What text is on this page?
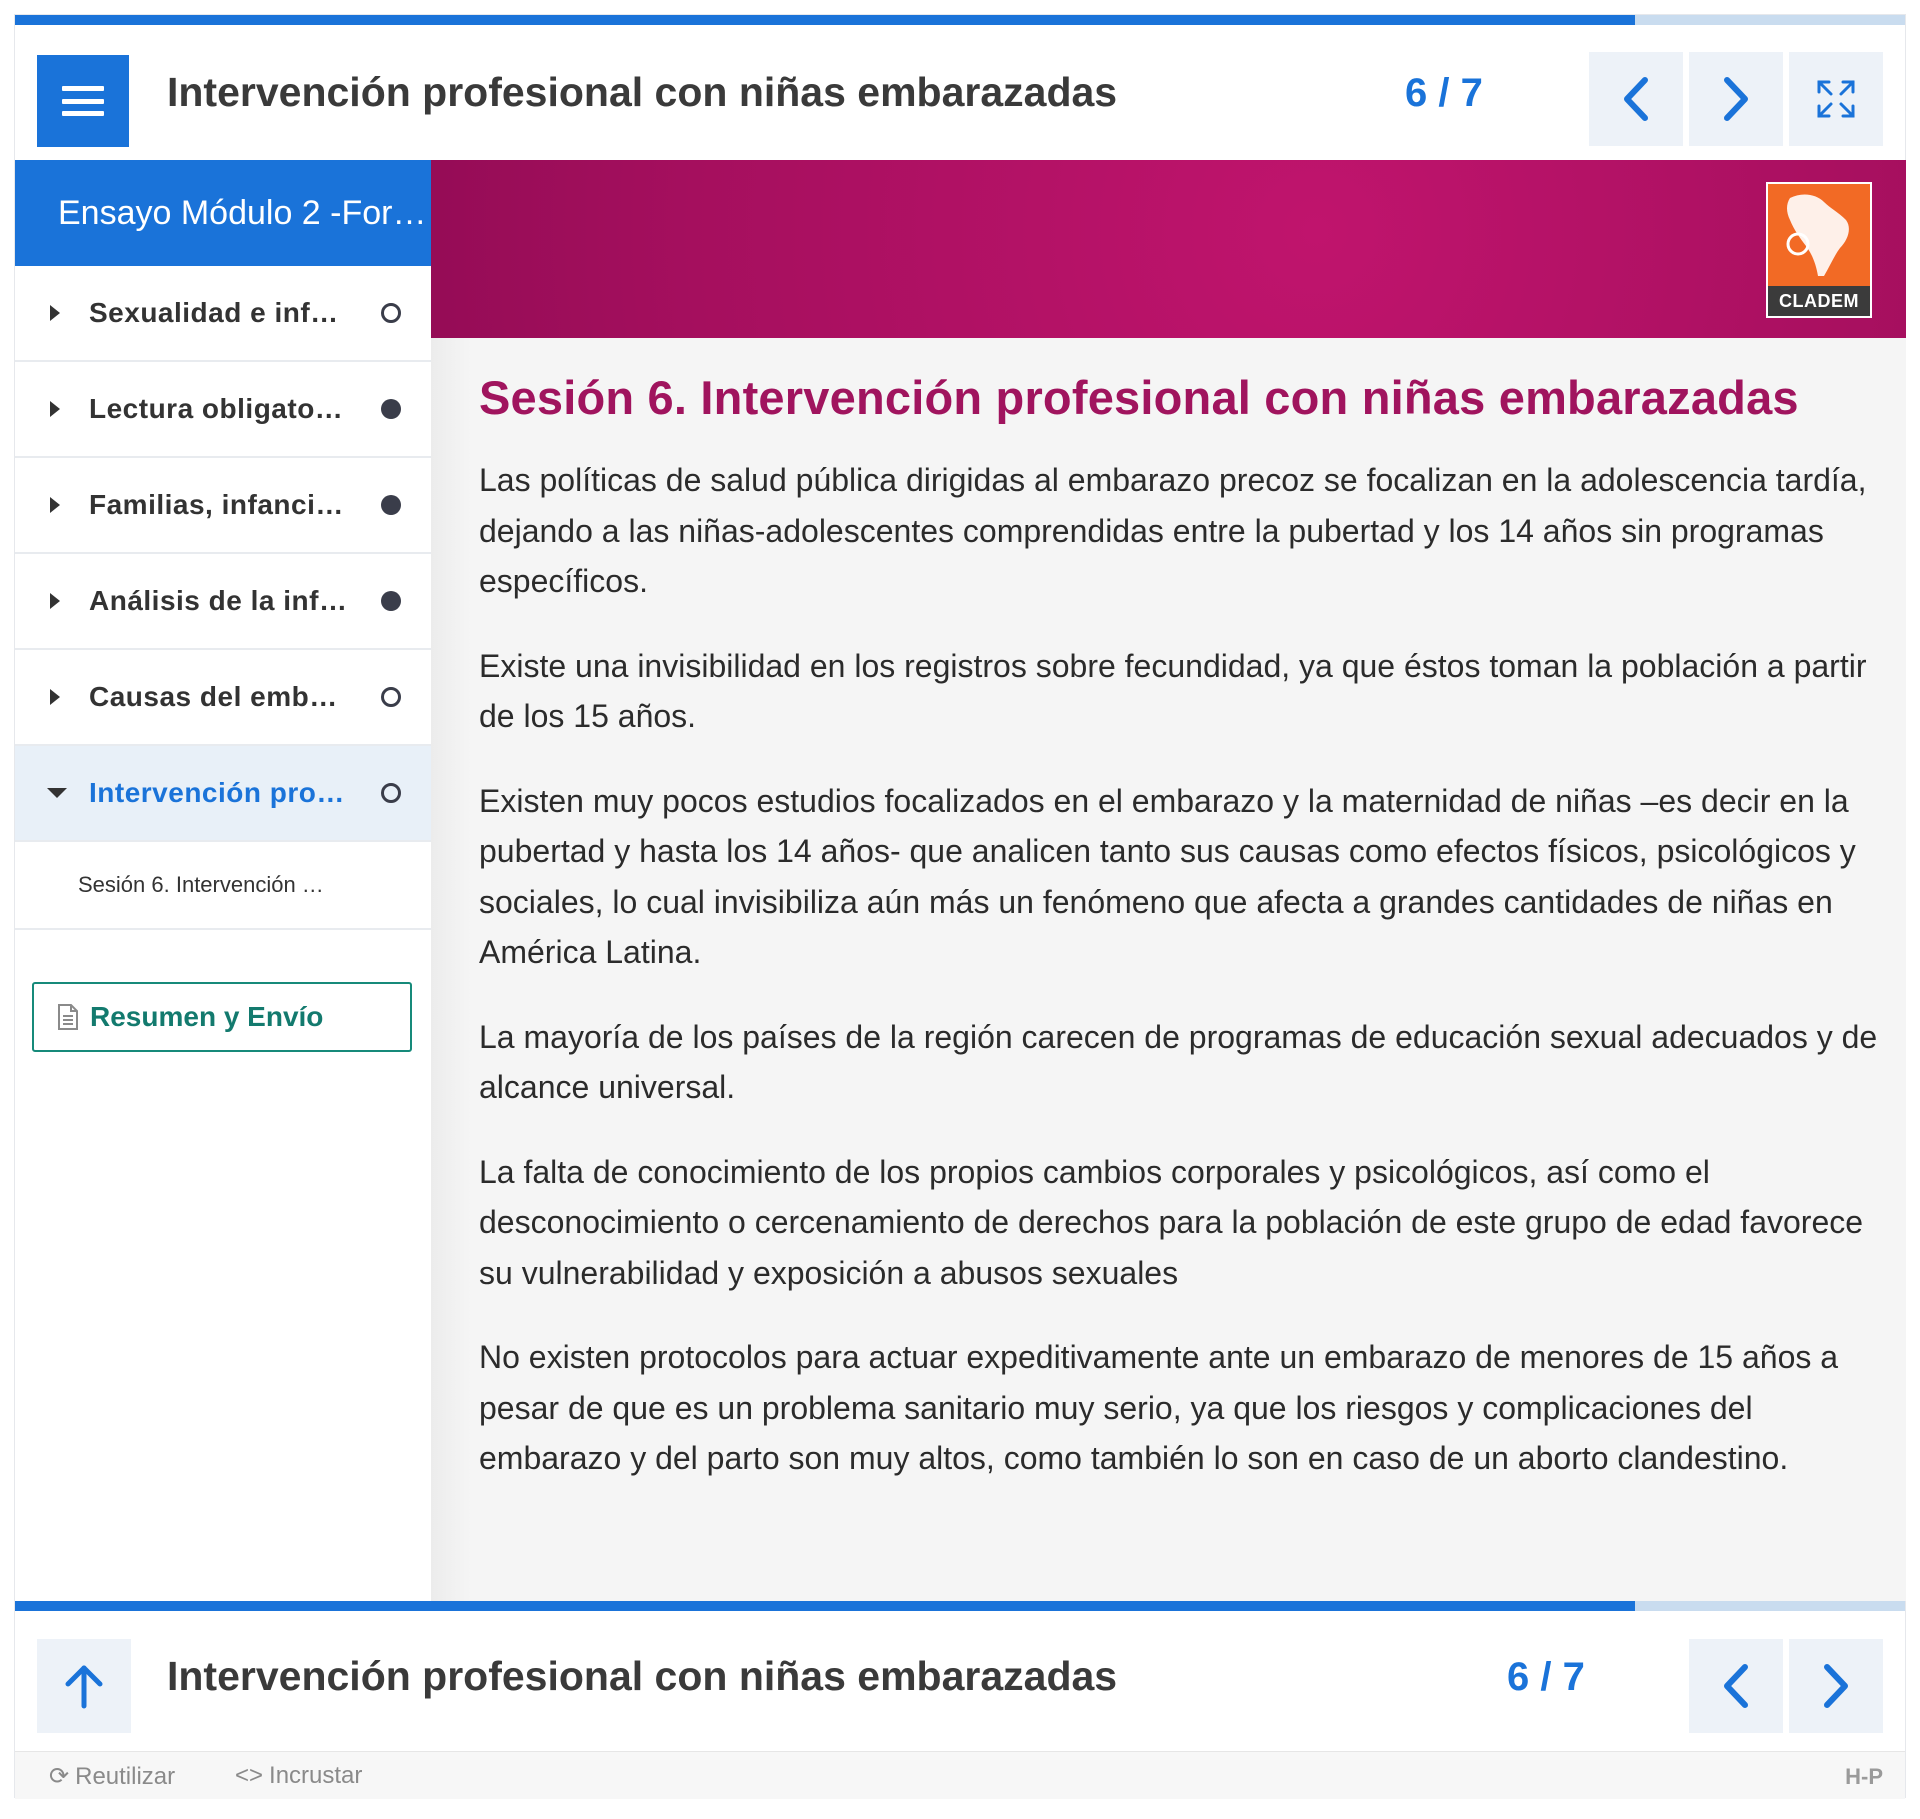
Intervención profesional con niñas embarazadas	6 / 7
Ensayo Módulo 2 -For…
Sexualidad e inf…
Lectura obligato…
Familias, infanci…
Análisis de la inf…
Causas del emb…
Intervención pro…
Sesión 6. Intervención …
Resumen y Envío
CLADEM
Sesión 6. Intervención profesional con niñas embarazadas

Las políticas de salud pública dirigidas al embarazo precoz se focalizan en la adolescencia tardía, dejando a las niñas-adolescentes comprendidas entre la pubertad y los 14 años sin programas específicos.

Existe una invisibilidad en los registros sobre fecundidad, ya que éstos toman la población a partir de los 15 años.

Existen muy pocos estudios focalizados en el embarazo y la maternidad de niñas –es decir en la pubertad y hasta los 14 años- que analicen tanto sus causas como efectos físicos, psicológicos y sociales, lo cual invisibiliza aún más un fenómeno que afecta a grandes cantidades de niñas en América Latina.

La mayoría de los países de la región carecen de programas de educación sexual adecuados y de alcance universal.

La falta de conocimiento de los propios cambios corporales y psicológicos, así como el desconocimiento o cercenamiento de derechos para la población de este grupo de edad favorece su vulnerabilidad y exposición a abusos sexuales

No existen protocolos para actuar expeditivamente ante un embarazo de menores de 15 años a pesar de que es un problema sanitario muy serio, ya que los riesgos y complicaciones del embarazo y del parto son muy altos, como también lo son en caso de un aborto clandestino.

Intervención profesional con niñas embarazadas	6 / 7
⟳ Reutilizar <> Incrustar	H-P
